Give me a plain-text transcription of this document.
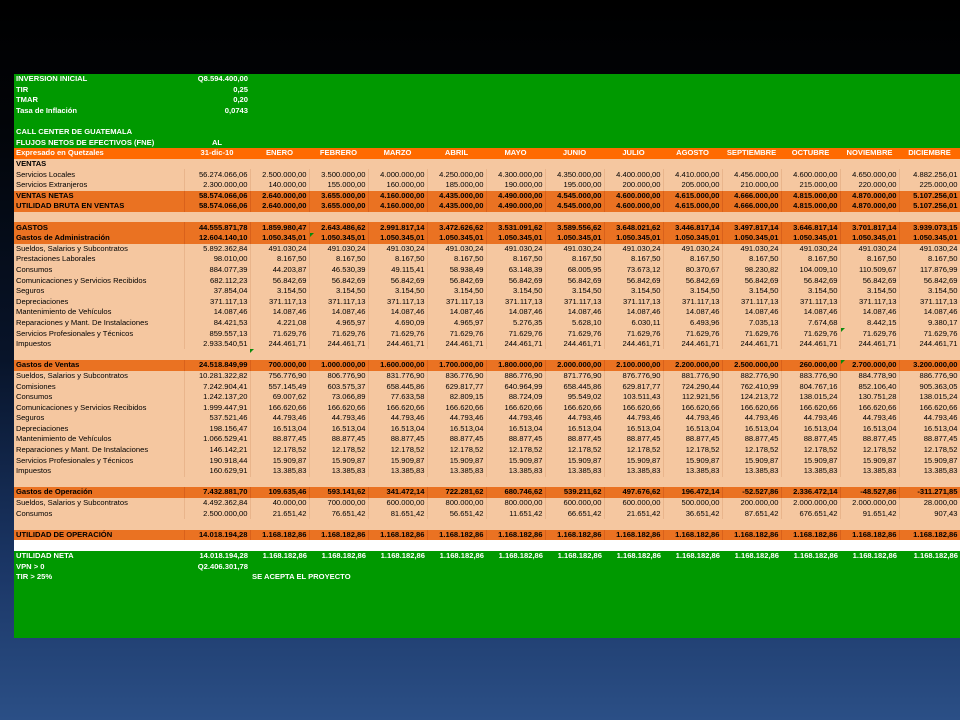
INVERSION INICIAL	Q8.594.400,00												
TIR	0,25												
TMAR	0,20												
Tasa de Inflación	0,0743												

CALL CENTER DE GUATEMALA													
FLUJOS NETOS DE EFECTIVOS (FNE)	AL												
Expresado en Quetzales	31-dic-10	ENERO	FEBRERO	MARZO	ABRIL	MAYO	JUNIO	JULIO	AGOSTO	SEPTIEMBRE	OCTUBRE	NOVIEMBRE	DICIEMBRE
VENTAS													
Servicios Locales	56.274.066,06	2.500.000,00	3.500.000,00	4.000.000,00	4.250.000,00	4.300.000,00	4.350.000,00	4.400.000,00	4.410.000,00	4.456.000,00	4.600.000,00	4.650.000,00	4.882.256,01
Servicios Extranjeros	2.300.000,00	140.000,00	155.000,00	160.000,00	185.000,00	190.000,00	195.000,00	200.000,00	205.000,00	210.000,00	215.000,00	220.000,00	225.000,00
VENTAS NETAS	58.574.066,06	2.640.000,00	3.655.000,00	4.160.000,00	4.435.000,00	4.490.000,00	4.545.000,00	4.600.000,00	4.615.000,00	4.666.000,00	4.815.000,00	4.870.000,00	5.107.256,01
UTILIDAD BRUTA EN VENTAS	58.574.066,06	2.640.000,00	3.655.000,00	4.160.000,00	4.435.000,00	4.490.000,00	4.545.000,00	4.600.000,00	4.615.000,00	4.666.000,00	4.815.000,00	4.870.000,00	5.107.256,01

GASTOS	44.555.871,78	1.859.980,47	2.643.486,62	2.991.817,14	3.472.626,62	3.531.091,62	3.589.556,62	3.648.021,62	3.446.817,14	3.497.817,14	3.646.817,14	3.701.817,14	3.939.073,15
Gastos de Administración	12.604.140,10	1.050.345,01	1.050.345,01	1.050.345,01	1.050.345,01	1.050.345,01	1.050.345,01	1.050.345,01	1.050.345,01	1.050.345,01	1.050.345,01	1.050.345,01	1.050.345,01
Sueldos, Salarios y Subcontratos	5.892.362,84	491.030,24	491.030,24	491.030,24	491.030,24	491.030,24	491.030,24	491.030,24	491.030,24	491.030,24	491.030,24	491.030,24	491.030,24
Prestaciones Laborales	98.010,00	8.167,50	8.167,50	8.167,50	8.167,50	8.167,50	8.167,50	8.167,50	8.167,50	8.167,50	8.167,50	8.167,50	8.167,50
Consumos	884.077,39	44.203,87	46.530,39	49.115,41	58.938,49	63.148,39	68.005,95	73.673,12	80.370,67	98.230,82	104.009,10	110.509,67	117.876,99
Comunicaciones y Servicios Recibidos	682.112,23	56.842,69	56.842,69	56.842,69	56.842,69	56.842,69	56.842,69	56.842,69	56.842,69	56.842,69	56.842,69	56.842,69	56.842,69
Seguros	37.854,04	3.154,50	3.154,50	3.154,50	3.154,50	3.154,50	3.154,50	3.154,50	3.154,50	3.154,50	3.154,50	3.154,50	3.154,50
Depreciaciones	371.117,13	371.117,13	371.117,13	371.117,13	371.117,13	371.117,13	371.117,13	371.117,13	371.117,13	371.117,13	371.117,13	371.117,13	371.117,13
Mantenimiento de Vehículos	14.087,46	14.087,46	14.087,46	14.087,46	14.087,46	14.087,46	14.087,46	14.087,46	14.087,46	14.087,46	14.087,46	14.087,46	14.087,46
Reparaciones y Mant. De Instalaciones	84.421,53	4.221,08	4.965,97	4.690,09	4.965,97	5.276,35	5.628,10	6.030,11	6.493,96	7.035,13	7.674,68	8.442,15	9.380,17
Servicios Profesionales y Técnicos	859.557,13	71.629,76	71.629,76	71.629,76	71.629,76	71.629,76	71.629,76	71.629,76	71.629,76	71.629,76	71.629,76	71.629,76	71.629,76
Impuestos	2.933.540,51	244.461,71	244.461,71	244.461,71	244.461,71	244.461,71	244.461,71	244.461,71	244.461,71	244.461,71	244.461,71	244.461,71	244.461,71

Gastos de Ventas	24.518.849,99	700.000,00	1.000.000,00	1.600.000,00	1.700.000,00	1.800.000,00	2.000.000,00	2.100.000,00	2.200.000,00	2.500.000,00	260.000,00	2.700.000,00	3.200.000,00
Sueldos, Salarios y Subcontratos	10.281.322,82	756.776,90	806.776,90	831.776,90	836.776,90	886.776,90	871.776,90	876.776,90	881.776,90	882.776,90	883.776,90	884.778,90	886.776,90
Comisiones	7.242.904,41	557.145,49	603.575,37	658.445,86	629.817,77	640.964,99	658.445,86	629.817,77	724.290,44	762.410,99	804.767,16	852.106,40	905.363,05
Consumos	1.242.137,20	69.007,62	73.066,89	77.633,58	82.809,15	88.724,09	95.549,02	103.511,43	112.921,56	124.213,72	138.015,24	130.751,28	138.015,24
Comunicaciones y Servicios Recibidos	1.999.447,91	166.620,66	166.620,66	166.620,66	166.620,66	166.620,66	166.620,66	166.620,66	166.620,66	166.620,66	166.620,66	166.620,66	166.620,66
Seguros	537.521,46	44.793,46	44.793,46	44.793,46	44.793,46	44.793,46	44.793,46	44.793,46	44.793,46	44.793,46	44.793,46	44.793,46	44.793,46
Depreciaciones	198.156,47	16.513,04	16.513,04	16.513,04	16.513,04	16.513,04	16.513,04	16.513,04	16.513,04	16.513,04	16.513,04	16.513,04	16.513,04
Mantenimiento de Vehículos	1.066.529,41	88.877,45	88.877,45	88.877,45	88.877,45	88.877,45	88.877,45	88.877,45	88.877,45	88.877,45	88.877,45	88.877,45	88.877,45
Reparaciones y Mant. De Instalaciones	146.142,21	12.178,52	12.178,52	12.178,52	12.178,52	12.178,52	12.178,52	12.178,52	12.178,52	12.178,52	12.178,52	12.178,52	12.178,52
Servicios Profesionales y Técnicos	190.918,44	15.909,87	15.909,87	15.909,87	15.909,87	15.909,87	15.909,87	15.909,87	15.909,87	15.909,87	15.909,87	15.909,87	15.909,87
Impuestos	160.629,91	13.385,83	13.385,83	13.385,83	13.385,83	13.385,83	13.385,83	13.385,83	13.385,83	13.385,83	13.385,83	13.385,83	13.385,83

Gastos de Operación	7.432.881,70	109.635,46	593.141,62	341.472,14	722.281,62	680.746,62	539.211,62	497.676,62	196.472,14	-52.527,86	2.336.472,14	-48.527,86	-311.271,85
Sueldos, Salarios y Subcontratos	4.492.362,84	40.000,00	700.000,00	600.000,00	800.000,00	800.000,00	600.000,00	600.000,00	500.000,00	200.000,00	2.000.000,00	2.000.000,00	28.000,00
Consumos	2.500.000,00	21.651,42	76.651,42	81.651,42	56.651,42	11.651,42	66.651,42	21.651,42	36.651,42	87.651,42	676.651,42	91.651,42	907,43

UTILIDAD DE OPERACIÓN	14.018.194,28	1.168.182,86	1.168.182,86	1.168.182,86	1.168.182,86	1.168.182,86	1.168.182,86	1.168.182,86	1.168.182,86	1.168.182,86	1.168.182,86	1.168.182,86	1.168.182,86

UTILIDAD NETA	14.018.194,28	1.168.182,86	1.168.182,86	1.168.182,86	1.168.182,86	1.168.182,86	1.168.182,86	1.168.182,86	1.168.182,86	1.168.182,86	1.168.182,86	1.168.182,86	1.168.182,86
VPN > 0	Q2.406.301,78												
TIR > 25%		SE ACEPTA EL PROYECTO											
